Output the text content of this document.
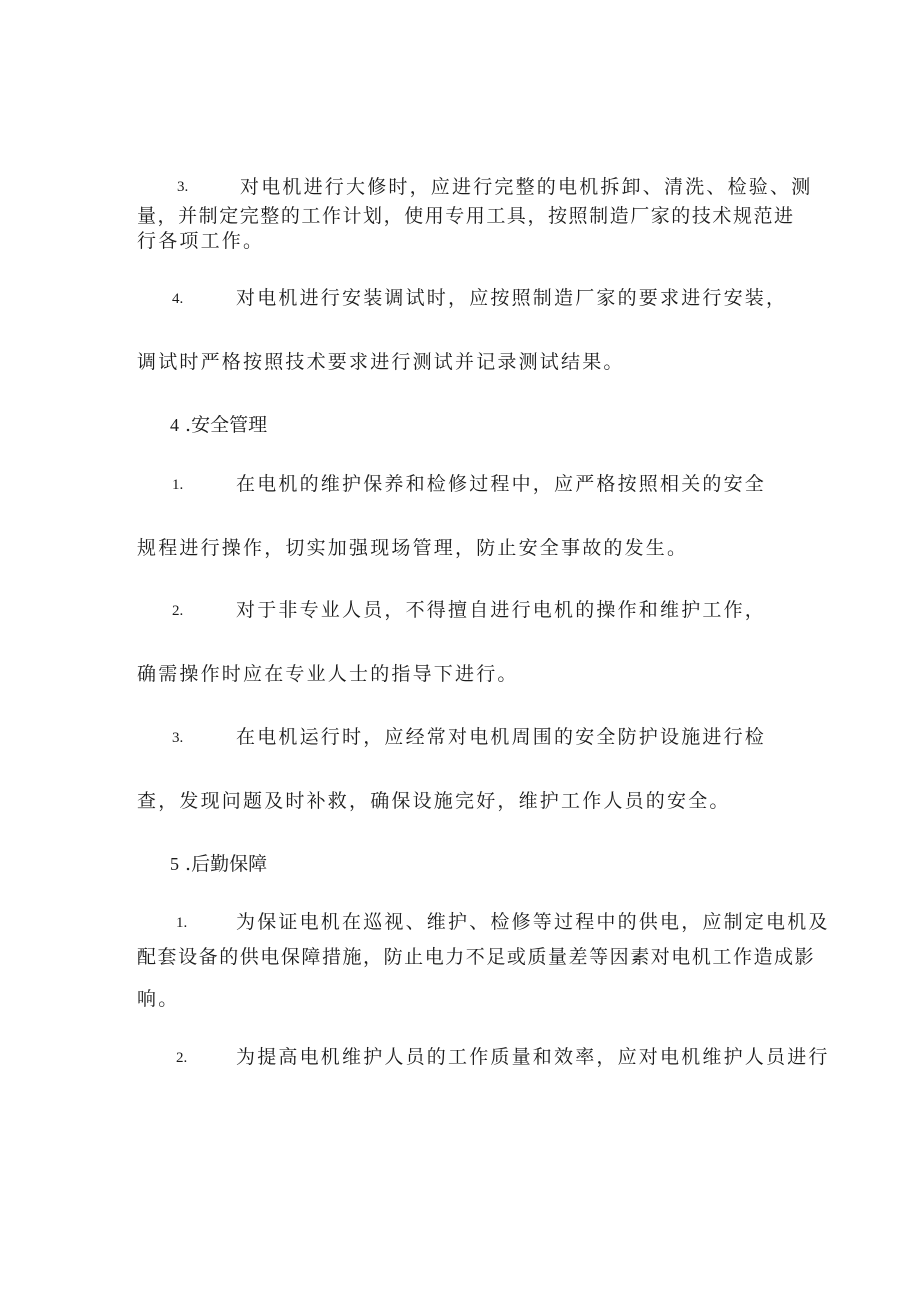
3.	对电机进行大修时，应进行完整的电机拆卸、清洗、检验、测
量，并制定完整的工作计划，使用专用工具，按照制造厂家的技术规范进
行各项工作。
4.	对电机进行安装调试时，应按照制造厂家的要求进行安装，
调试时严格按照技术要求进行测试并记录测试结果。
4 .安全管理
1.	在电机的维护保养和检修过程中，应严格按照相关的安全
规程进行操作，切实加强现场管理，防止安全事故的发生。
2.	对于非专业人员，不得擅自进行电机的操作和维护工作，
确需操作时应在专业人士的指导下进行。
3.	在电机运行时，应经常对电机周围的安全防护设施进行检
查，发现问题及时补救，确保设施完好，维护工作人员的安全。
5 .后勤保障
1.	为保证电机在巡视、维护、检修等过程中的供电，应制定电机及
配套设备的供电保障措施，防止电力不足或质量差等因素对电机工作造成影
响。
2.	为提高电机维护人员的工作质量和效率，应对电机维护人员进行
